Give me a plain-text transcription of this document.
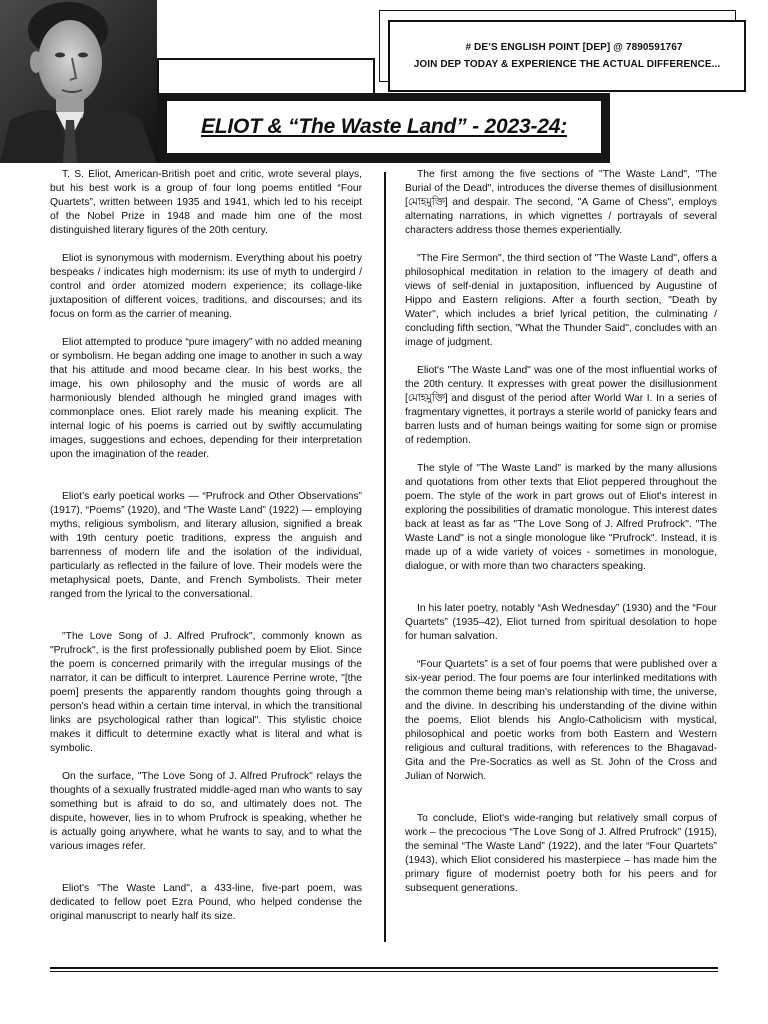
# DE’S ENGLISH POINT [DEP] @ 7890591767
JOIN DEP TODAY & EXPERIENCE THE ACTUAL DIFFERENCE...
ELIOT & “The Waste Land” - 2023-24:

T. S. Eliot, American-British poet and critic, wrote several plays, but his best work is a group of four long poems entitled “Four Quartets”, written between 1935 and 1941, which led to his receipt of the Nobel Prize in 1948 and made him one of the most distinguished literary figures of the 20th century.

Eliot is synonymous with modernism. Everything about his poetry bespeaks / indicates high modernism: its use of myth to undergird / control and order atomized modern experience; its collage-like juxtaposition of different voices, traditions, and discourses; and its focus on form as the carrier of meaning.

Eliot attempted to produce “pure imagery” with no added meaning or symbolism. He began adding one image to another in such a way that his attitude and mood became clear. In his best works, the image, his own philosophy and the music of words are all harmoniously blended although he mingled grand images with commonplace ones. Eliot rarely made his meaning explicit. The internal logic of his poems is carried out by swiftly accumulating images, suggestions and echoes, depending for their interpretation upon the imagination of the reader.

Eliot’s early poetical works — “Prufrock and Other Observations” (1917), “Poems” (1920), and “The Waste Land” (1922) — employing myths, religious symbolism, and literary allusion, signified a break with 19th century poetic traditions, express the anguish and barrenness of modern life and the isolation of the individual, particularly as reflected in the failure of love. Their models were the metaphysical poets, Dante, and French Symbolists. Their meter ranged from the lyrical to the conversational.

"The Love Song of J. Alfred Prufrock", commonly known as "Prufrock", is the first professionally published poem by Eliot. Since the poem is concerned primarily with the irregular musings of the narrator, it can be difficult to interpret. Laurence Perrine wrote, "[the poem] presents the apparently random thoughts going through a person's head within a certain time interval, in which the transitional links are psychological rather than logical". This stylistic choice makes it difficult to determine exactly what is literal and what is symbolic.

On the surface, "The Love Song of J. Alfred Prufrock" relays the thoughts of a sexually frustrated middle-aged man who wants to say something but is afraid to do so, and ultimately does not. The dispute, however, lies in to whom Prufrock is speaking, whether he is actually going anywhere, what he wants to say, and to what the various images refer.

Eliot's "The Waste Land", a 433-line, five-part poem, was dedicated to fellow poet Ezra Pound, who helped condense the original manuscript to nearly half its size.

The first among the five sections of "The Waste Land", "The Burial of the Dead", introduces the diverse themes of disillusionment [মোহমুক্তি] and despair. The second, "A Game of Chess", employs alternating narrations, in which vignettes / portrayals of several characters address those themes experientially.

"The Fire Sermon", the third section of "The Waste Land", offers a philosophical meditation in relation to the imagery of death and views of self-denial in juxtaposition, influenced by Augustine of Hippo and Eastern religions. After a fourth section, "Death by Water", which includes a brief lyrical petition, the culminating / concluding fifth section, "What the Thunder Said", concludes with an image of judgment.

Eliot's "The Waste Land" was one of the most influential works of the 20th century. It expresses with great power the disillusionment [মোহমুক্তি] and disgust of the period after World War I. In a series of fragmentary vignettes, it portrays a sterile world of panicky fears and barren lusts and of human beings waiting for some sign or promise of redemption.

The style of "The Waste Land" is marked by the many allusions and quotations from other texts that Eliot peppered throughout the poem. The style of the work in part grows out of Eliot's interest in exploring the possibilities of dramatic monologue. This interest dates back at least as far as "The Love Song of J. Alfred Prufrock". "The Waste Land" is not a single monologue like "Prufrock". Instead, it is made up of a wide variety of voices - sometimes in monologue, dialogue, or with more than two characters speaking.

In his later poetry, notably “Ash Wednesday” (1930) and the “Four Quartets” (1935–42), Eliot turned from spiritual desolation to hope for human salvation.

“Four Quartets” is a set of four poems that were published over a six-year period. The four poems are four interlinked meditations with the common theme being man's relationship with time, the universe, and the divine. In describing his understanding of the divine within the poems, Eliot blends his Anglo-Catholicism with mystical, philosophical and poetic works from both Eastern and Western religious and cultural traditions, with references to the Bhagavad-Gita and the Pre-Socratics as well as St. John of the Cross and Julian of Norwich.

To conclude, Eliot's wide-ranging but relatively small corpus of work – the precocious “The Love Song of J. Alfred Prufrock” (1915), the seminal “The Waste Land” (1922), and the later “Four Quartets” (1943), which Eliot considered his masterpiece – has made him the primary figure of modernist poetry both for his peers and for subsequent generations.
